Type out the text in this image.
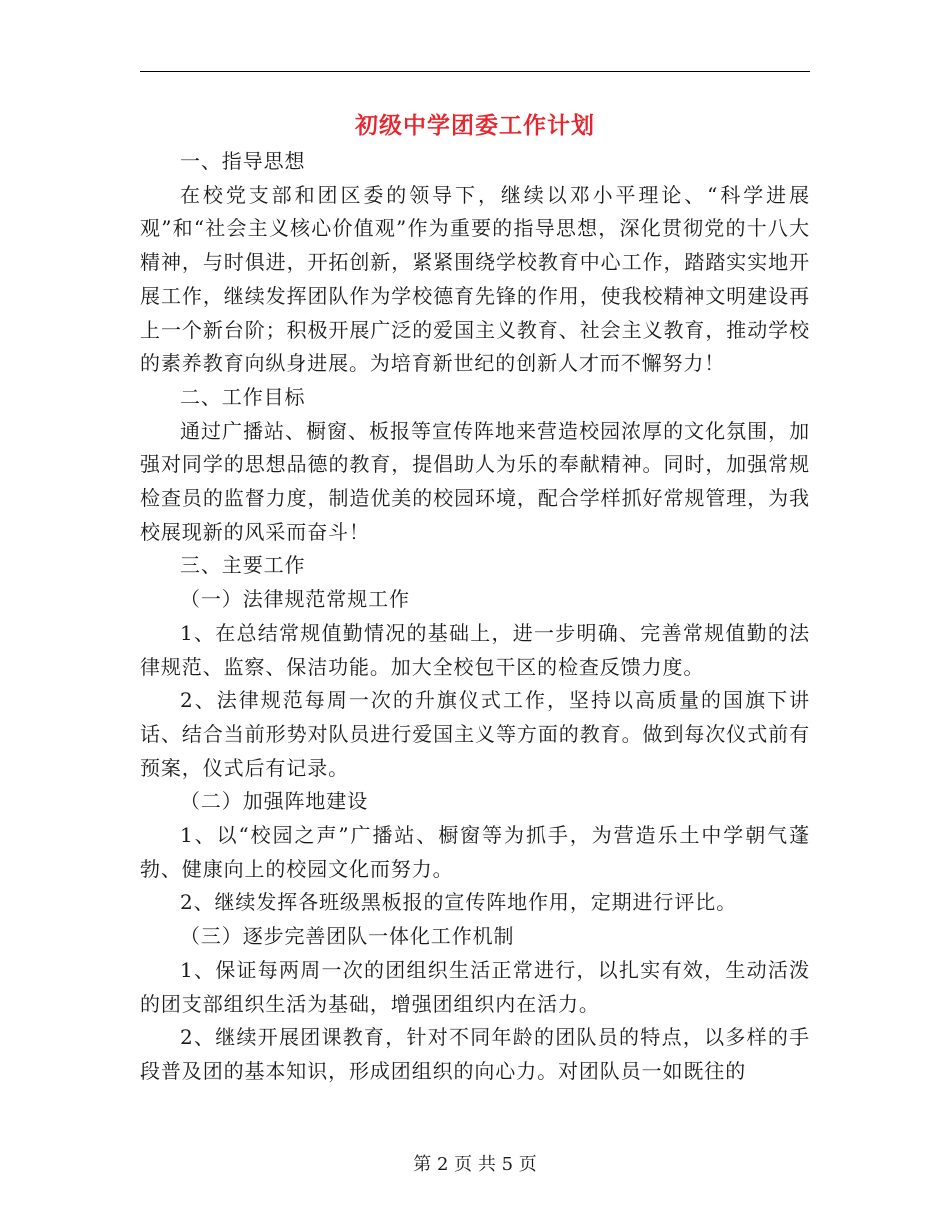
初级中学团委工作计划

一、指导思想

在校党支部和团区委的领导下，继续以邓小平理论、“科学进展观”和“社会主义核心价值观”作为重要的指导思想，深化贯彻党的十八大精神，与时俱进，开拓创新，紧紧围绕学校教育中心工作，踏踏实实地开展工作，继续发挥团队作为学校德育先锋的作用，使我校精神文明建设再上一个新台阶；积极开展广泛的爱国主义教育、社会主义教育，推动学校的素养教育向纵身进展。为培育新世纪的创新人才而不懈努力！

二、工作目标

通过广播站、橱窗、板报等宣传阵地来营造校园浓厚的文化氛围，加强对同学的思想品德的教育，提倡助人为乐的奉献精神。同时，加强常规检查员的监督力度，制造优美的校园环境，配合学样抓好常规管理，为我校展现新的风采而奋斗！

三、主要工作

（一）法律规范常规工作

1、在总结常规值勤情况的基础上，进一步明确、完善常规值勤的法律规范、监察、保洁功能。加大全校包干区的检查反馈力度。

2、法律规范每周一次的升旗仪式工作，坚持以高质量的国旗下讲话、结合当前形势对队员进行爱国主义等方面的教育。做到每次仪式前有预案，仪式后有记录。

（二）加强阵地建设

1、以“校园之声”广播站、橱窗等为抓手，为营造乐土中学朝气蓬勃、健康向上的校园文化而努力。

2、继续发挥各班级黑板报的宣传阵地作用，定期进行评比。

（三）逐步完善团队一体化工作机制

1、保证每两周一次的团组织生活正常进行，以扎实有效，生动活泼的团支部组织生活为基础，增强团组织内在活力。

2、继续开展团课教育，针对不同年龄的团队员的特点，以多样的手段普及团的基本知识，形成团组织的向心力。对团队员一如既往的

第 2 页 共 5 页
